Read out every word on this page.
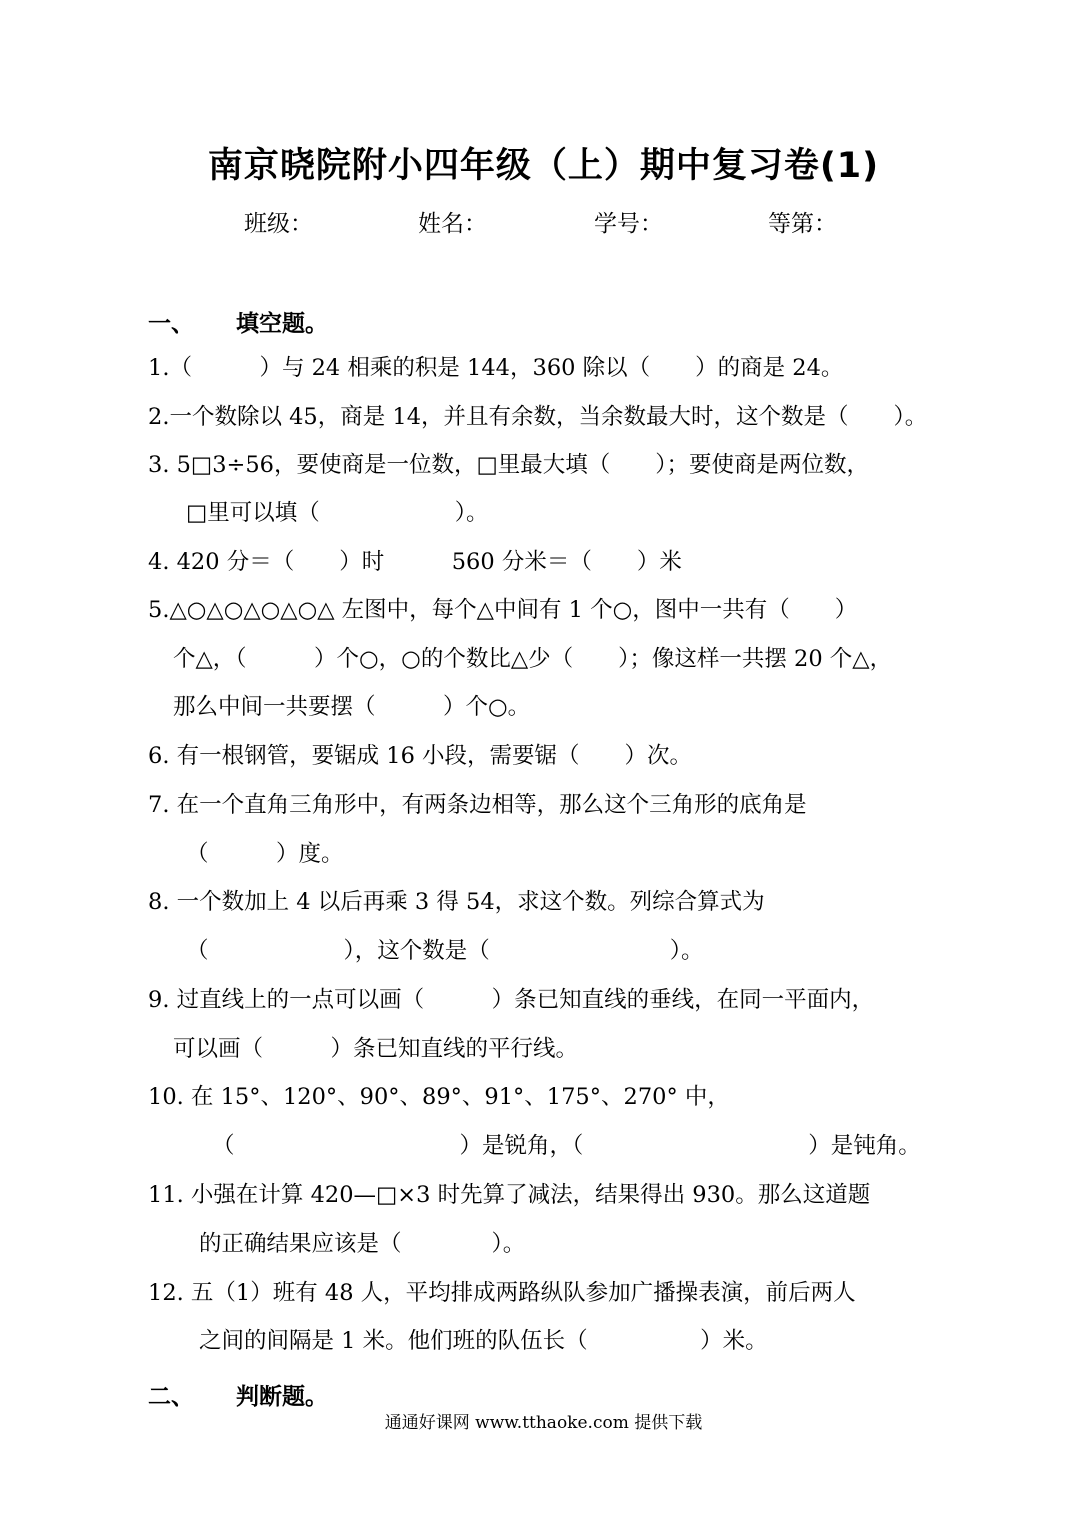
南京晓院附小四年级（上）期中复习卷(1)
班级：	姓名：	学号：	等第：
一、 填空题。
1.（　　　）与 24 相乘的积是 144，360 除以（　　）的商是 24。
2.一个数除以 45，商是 14，并且有余数，当余数最大时，这个数是（　　）。
3. 5□3÷56，要使商是一位数，□里最大填（　　）；要使商是两位数，
□里可以填（　　　　　　）。
4. 420 分＝（　　）时　　　560 分米＝（　　）米
5.△○△○△○△○△ 左图中，每个△中间有 1 个○，图中一共有（　　）
个△，（　　　）个○，○的个数比△少（　　）；像这样一共摆 20 个△，
那么中间一共要摆（　　　）个○。
6. 有一根钢管，要锯成 16 小段，需要锯（　　）次。
7. 在一个直角三角形中，有两条边相等，那么这个三角形的底角是
（　　　）度。
8. 一个数加上 4 以后再乘 3 得 54，求这个数。列综合算式为
（　　　　　　），这个数是（　　　　　　　　）。
9. 过直线上的一点可以画（　　　）条已知直线的垂线，在同一平面内，
可以画（　　　）条已知直线的平行线。
10. 在 15°、120°、90°、89°、91°、175°、270° 中，
（　　　　　　　　　　）是锐角，（　　　　　　　　　　）是钝角。
11. 小强在计算 420—□×3 时先算了减法，结果得出 930。那么这道题
的正确结果应该是（　　　　）。
12. 五（1）班有 48 人，平均排成两路纵队参加广播操表演，前后两人
之间的间隔是 1 米。他们班的队伍长（　　　　　）米。
二、 判断题。
通通好课网 www.tthaoke.com 提供下载
